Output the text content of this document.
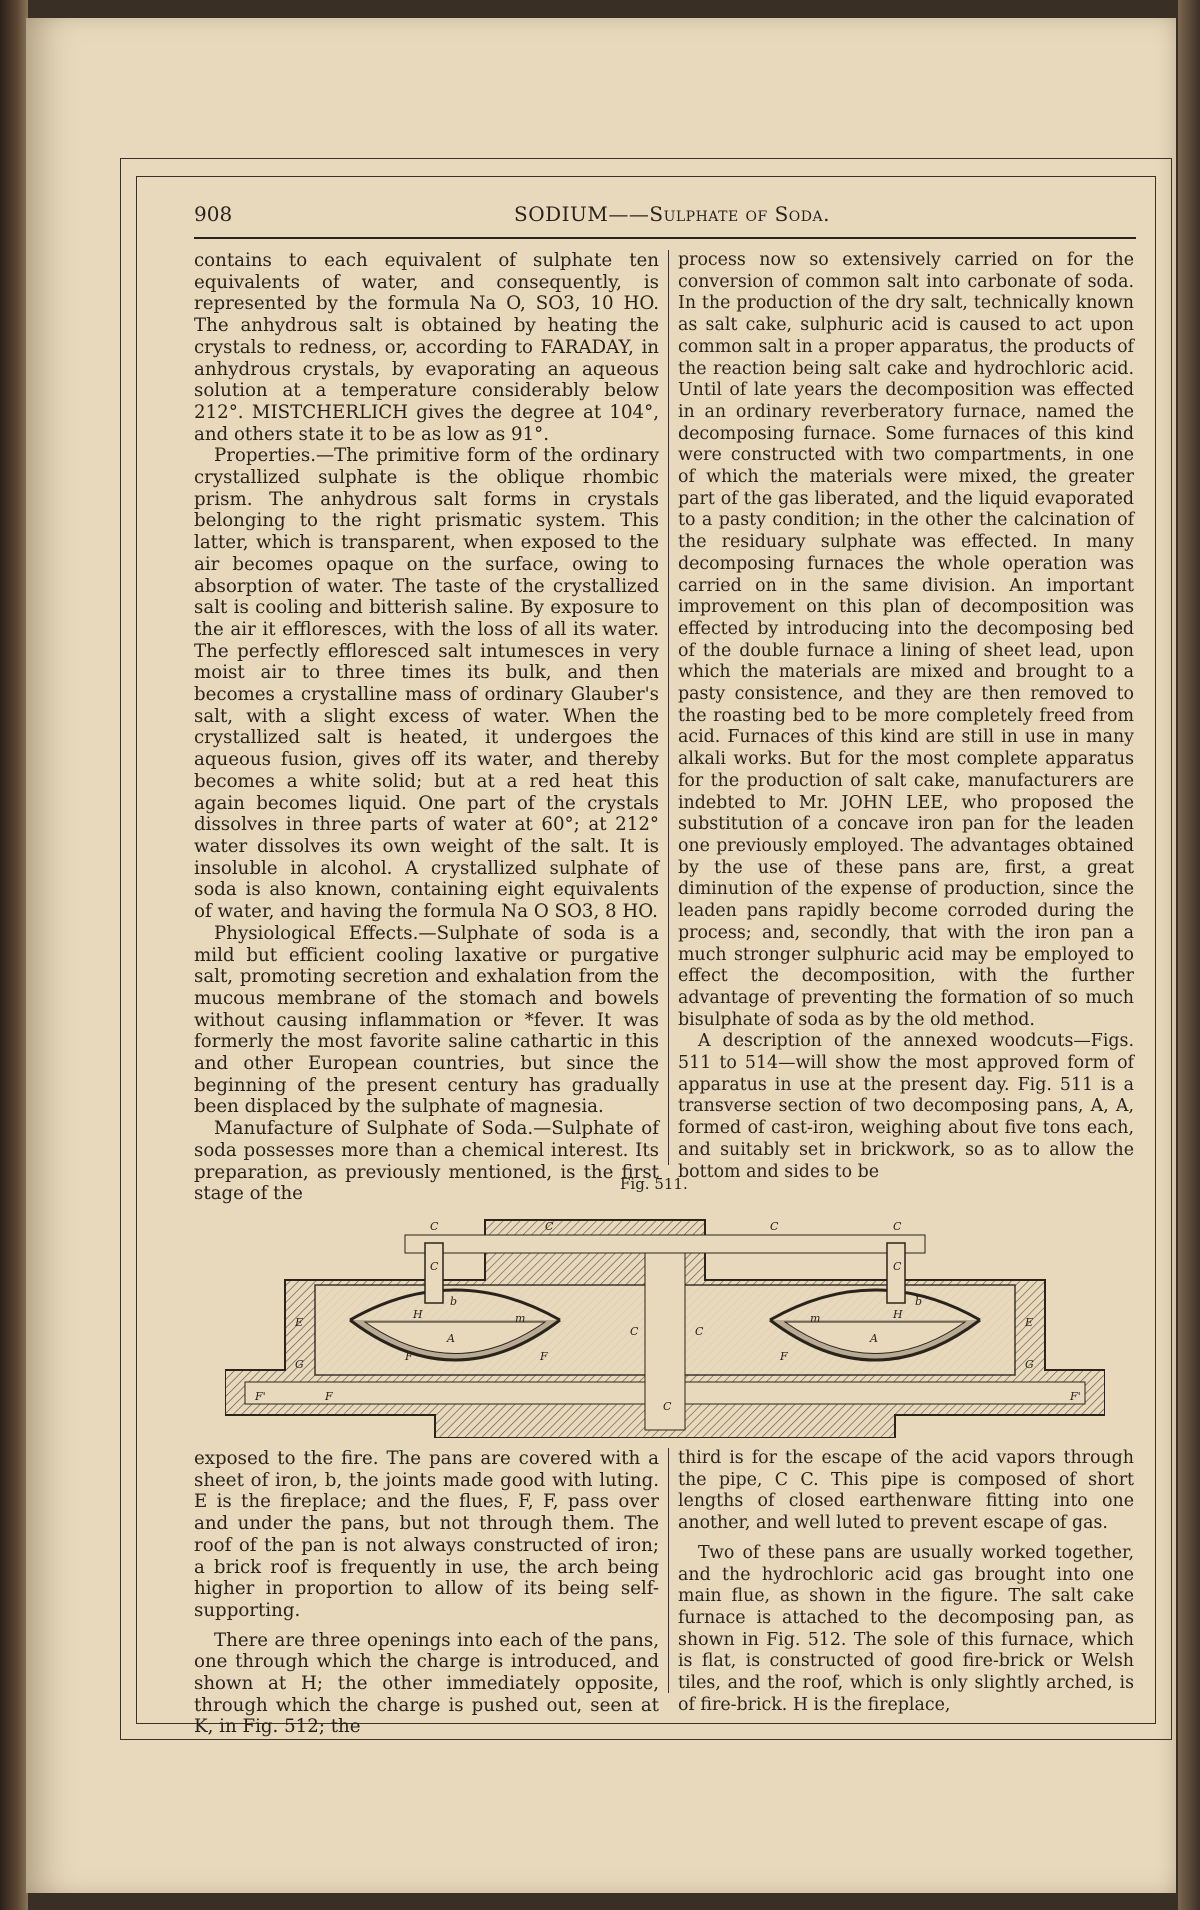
908	SODIUM——Sulphate of Soda.

contains to each equivalent of sulphate ten equivalents of water, and consequently, is represented by the formula Na O, SO3, 10 HO. The anhydrous salt is obtained by heating the crystals to redness, or, according to FARADAY, in anhydrous crystals, by evaporating an aqueous solution at a temperature considerably below 212°. MISTCHERLICH gives the degree at 104°, and others state it to be as low as 91°.

Properties.—The primitive form of the ordinary crystallized sulphate is the oblique rhombic prism. The anhydrous salt forms in crystals belonging to the right prismatic system. This latter, which is transparent, when exposed to the air becomes opaque on the surface, owing to absorption of water. The taste of the crystallized salt is cooling and bitterish saline. By exposure to the air it effloresces, with the loss of all its water. The perfectly effloresced salt intumesces in very moist air to three times its bulk, and then becomes a crystalline mass of ordinary Glauber's salt, with a slight excess of water. When the crystallized salt is heated, it undergoes the aqueous fusion, gives off its water, and thereby becomes a white solid; but at a red heat this again becomes liquid. One part of the crystals dissolves in three parts of water at 60°; at 212° water dissolves its own weight of the salt. It is insoluble in alcohol. A crystallized sulphate of soda is also known, containing eight equivalents of water, and having the formula Na O SO3, 8 HO.

Physiological Effects.—Sulphate of soda is a mild but efficient cooling laxative or purgative salt, promoting secretion and exhalation from the mucous membrane of the stomach and bowels without causing inflammation or *fever. It was formerly the most favorite saline cathartic in this and other European countries, but since the beginning of the present century has gradually been displaced by the sulphate of magnesia.

Manufacture of Sulphate of Soda.—Sulphate of soda possesses more than a chemical interest. Its preparation, as previously mentioned, is the first stage of the

process now so extensively carried on for the conversion of common salt into carbonate of soda. In the production of the dry salt, technically known as salt cake, sulphuric acid is caused to act upon common salt in a proper apparatus, the products of the reaction being salt cake and hydrochloric acid. Until of late years the decomposition was effected in an ordinary reverberatory furnace, named the decomposing furnace. Some furnaces of this kind were constructed with two compartments, in one of which the materials were mixed, the greater part of the gas liberated, and the liquid evaporated to a pasty condition; in the other the calcination of the residuary sulphate was effected. In many decomposing furnaces the whole operation was carried on in the same division. An important improvement on this plan of decomposition was effected by introducing into the decomposing bed of the double furnace a lining of sheet lead, upon which the materials are mixed and brought to a pasty consistence, and they are then removed to the roasting bed to be more completely freed from acid. Furnaces of this kind are still in use in many alkali works. But for the most complete apparatus for the production of salt cake, manufacturers are indebted to Mr. JOHN LEE, who proposed the substitution of a concave iron pan for the leaden one previously employed. The advantages obtained by the use of these pans are, first, a great diminution of the expense of production, since the leaden pans rapidly become corroded during the process; and, secondly, that with the iron pan a much stronger sulphuric acid may be employed to effect the decomposition, with the further advantage of preventing the formation of so much bisulphate of soda as by the old method.

A description of the annexed woodcuts—Figs. 511 to 514—will show the most approved form of apparatus in use at the present day. Fig. 511 is a transverse section of two decomposing pans, A, A, formed of cast-iron, weighing about five tons each, and suitably set in brickwork, so as to allow the bottom and sides to be

Fig. 511.
C	C	C	C
C	C
C	C
C
H	H
b	b
m	m
A	A
F	F	F
F
F'	F'
E	E
G	G

exposed to the fire. The pans are covered with a sheet of iron, b, the joints made good with luting. E is the fireplace; and the flues, F, F, pass over and under the pans, but not through them. The roof of the pan is not always constructed of iron; a brick roof is frequently in use, the arch being higher in proportion to allow of its being self-supporting.

There are three openings into each of the pans, one through which the charge is introduced, and shown at H; the other immediately opposite, through which the charge is pushed out, seen at K, in Fig. 512; the

third is for the escape of the acid vapors through the pipe, C C. This pipe is composed of short lengths of closed earthenware fitting into one another, and well luted to prevent escape of gas.

Two of these pans are usually worked together, and the hydrochloric acid gas brought into one main flue, as shown in the figure. The salt cake furnace is attached to the decomposing pan, as shown in Fig. 512. The sole of this furnace, which is flat, is constructed of good fire-brick or Welsh tiles, and the roof, which is only slightly arched, is of fire-brick. H is the fireplace,
